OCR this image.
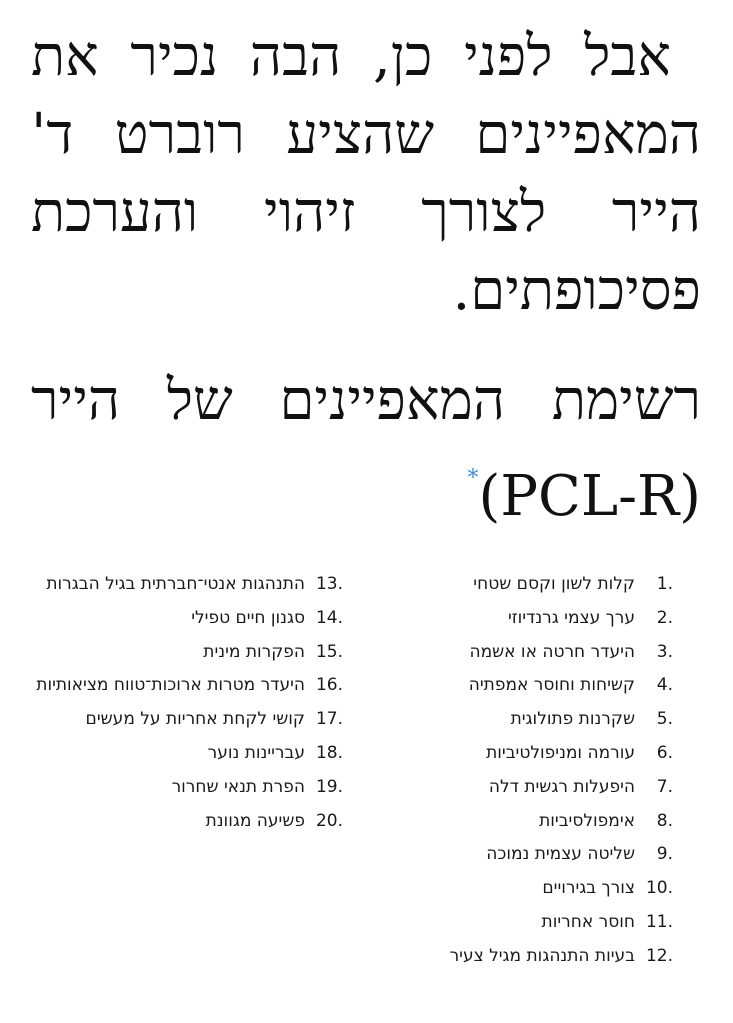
אבל לפני כן, הבה נכיר את המאפיינים שהציע רוברט ד' הייר לצורך זיהוי והערכת פסיכופתים.

רשימת המאפיינים של הייר *(PCL-R)
1.
קלות לשון וקסם שטחי
2.
ערך עצמי גרנדיוזי
3.
היעדר חרטה או אשמה
4.
קשיחות וחוסר אמפתיה
5.
שקרנות פתולוגית
6.
עורמה ומניפולטיביות
7.
היפעלות רגשית דלה
8.
אימפולסיביות
9.
שליטה עצמית נמוכה
10.
צורך בגירויים
11.
חוסר אחריות
12.
בעיות התנהגות מגיל צעיר
13.
התנהגות אנטי־חברתית בגיל הבגרות
14.
סגנון חיים טפילי
15.
הפקרות מינית
16.
היעדר מטרות ארוכות־טווח מציאותיות
17.
קושי לקחת אחריות על מעשים
18.
עבריינות נוער
19.
הפרת תנאי שחרור
20.
פשיעה מגוונת
